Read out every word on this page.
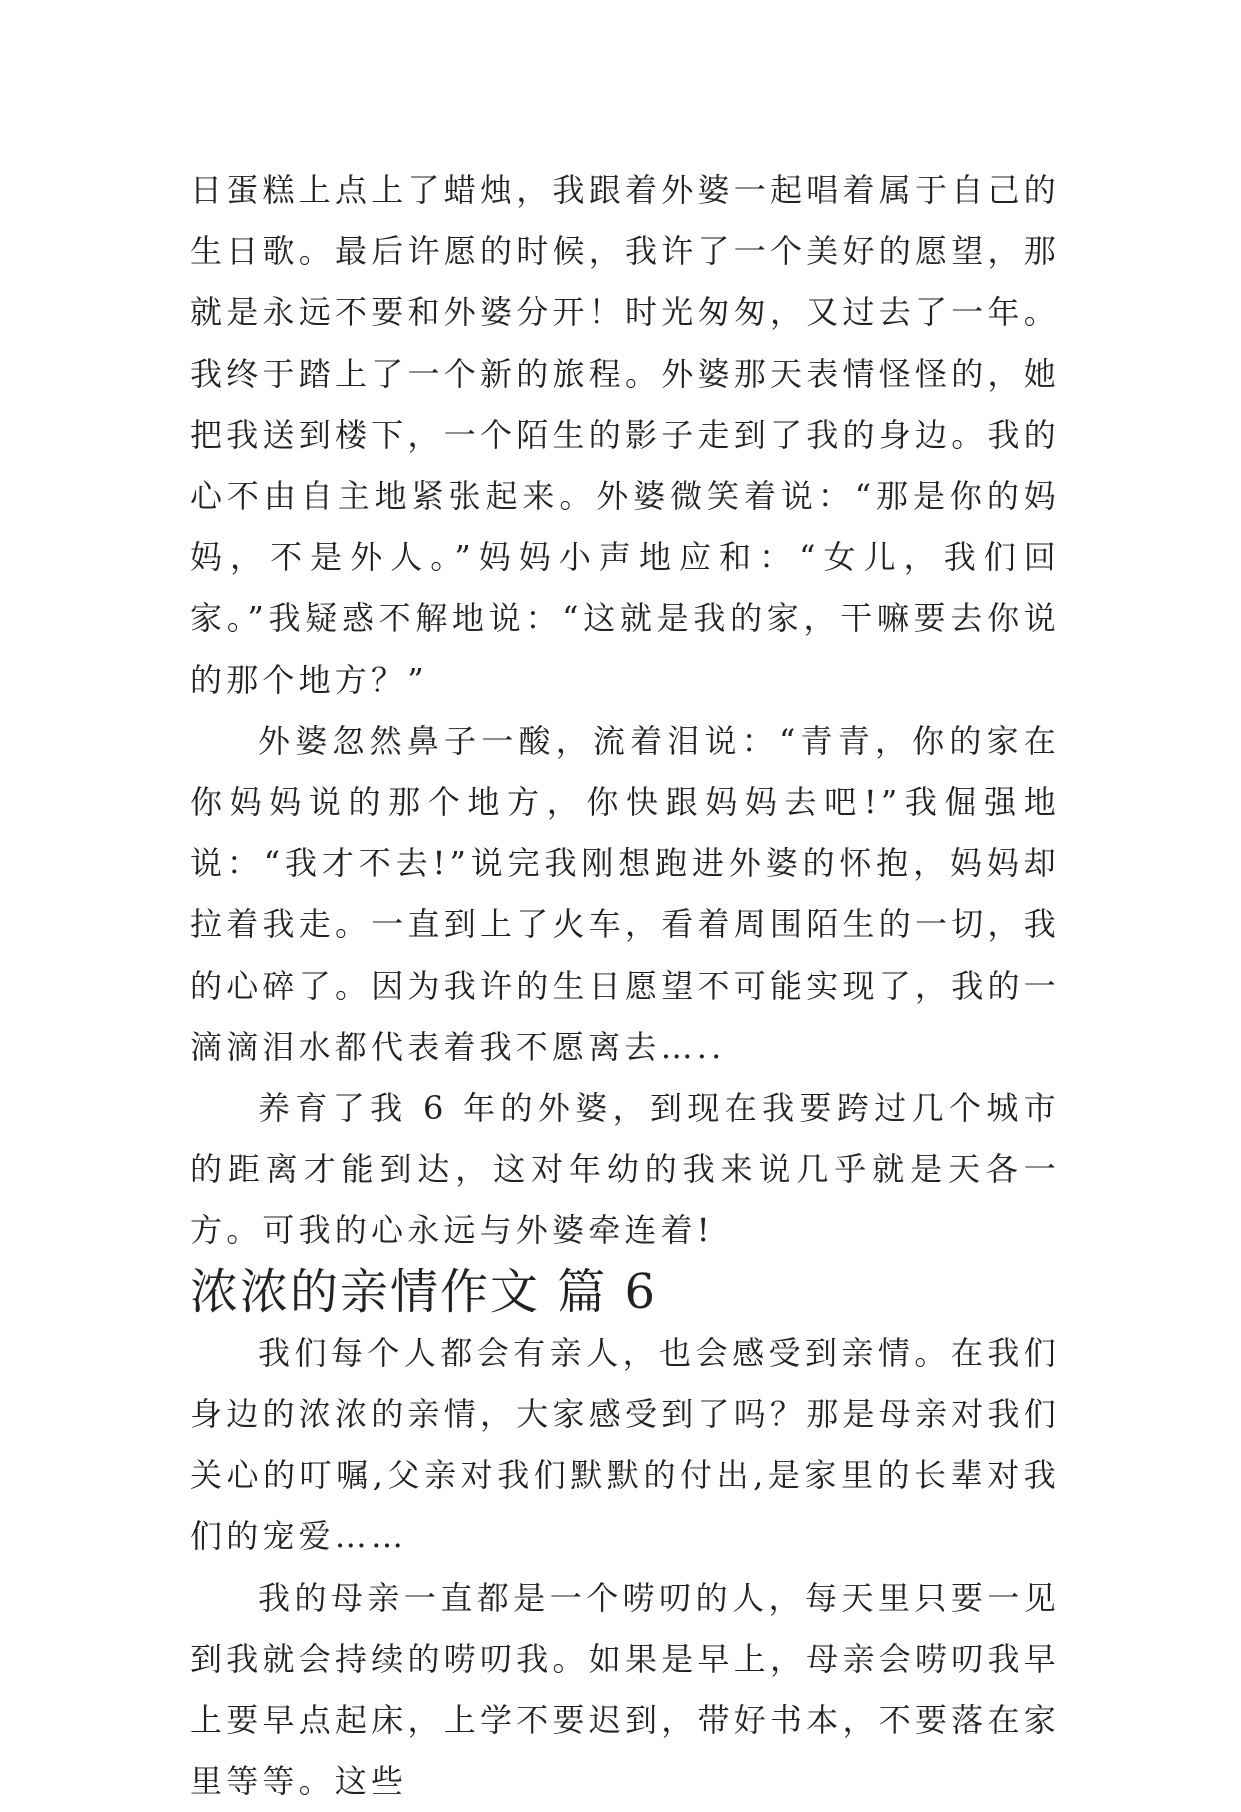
日蛋糕上点上了蜡烛，我跟着外婆一起唱着属于自己的生日歌。最后许愿的时候，我许了一个美好的愿望，那就是永远不要和外婆分开！时光匆匆，又过去了一年。我终于踏上了一个新的旅程。外婆那天表情怪怪的，她把我送到楼下，一个陌生的影子走到了我的身边。我的心不由自主地紧张起来。外婆微笑着说：“那是你的妈妈，不是外人。”妈妈小声地应和：“女儿，我们回家。”我疑惑不解地说：“这就是我的家，干嘛要去你说的那个地方？”

外婆忽然鼻子一酸，流着泪说：“青青，你的家在你妈妈说的那个地方，你快跟妈妈去吧!”我倔强地说：“我才不去!”说完我刚想跑进外婆的怀抱，妈妈却拉着我走。一直到上了火车，看着周围陌生的一切，我的心碎了。因为我许的生日愿望不可能实现了，我的一滴滴泪水都代表着我不愿离去…..

养育了我 6 年的外婆，到现在我要跨过几个城市的距离才能到达，这对年幼的我来说几乎就是天各一方。可我的心永远与外婆牵连着!

浓浓的亲情作文 篇 6

我们每个人都会有亲人，也会感受到亲情。在我们身边的浓浓的亲情，大家感受到了吗？那是母亲对我们关心的叮嘱,父亲对我们默默的付出,是家里的长辈对我们的宠爱……

我的母亲一直都是一个唠叨的人，每天里只要一见到我就会持续的唠叨我。如果是早上，母亲会唠叨我早上要早点起床，上学不要迟到，带好书本，不要落在家里等等。这些
